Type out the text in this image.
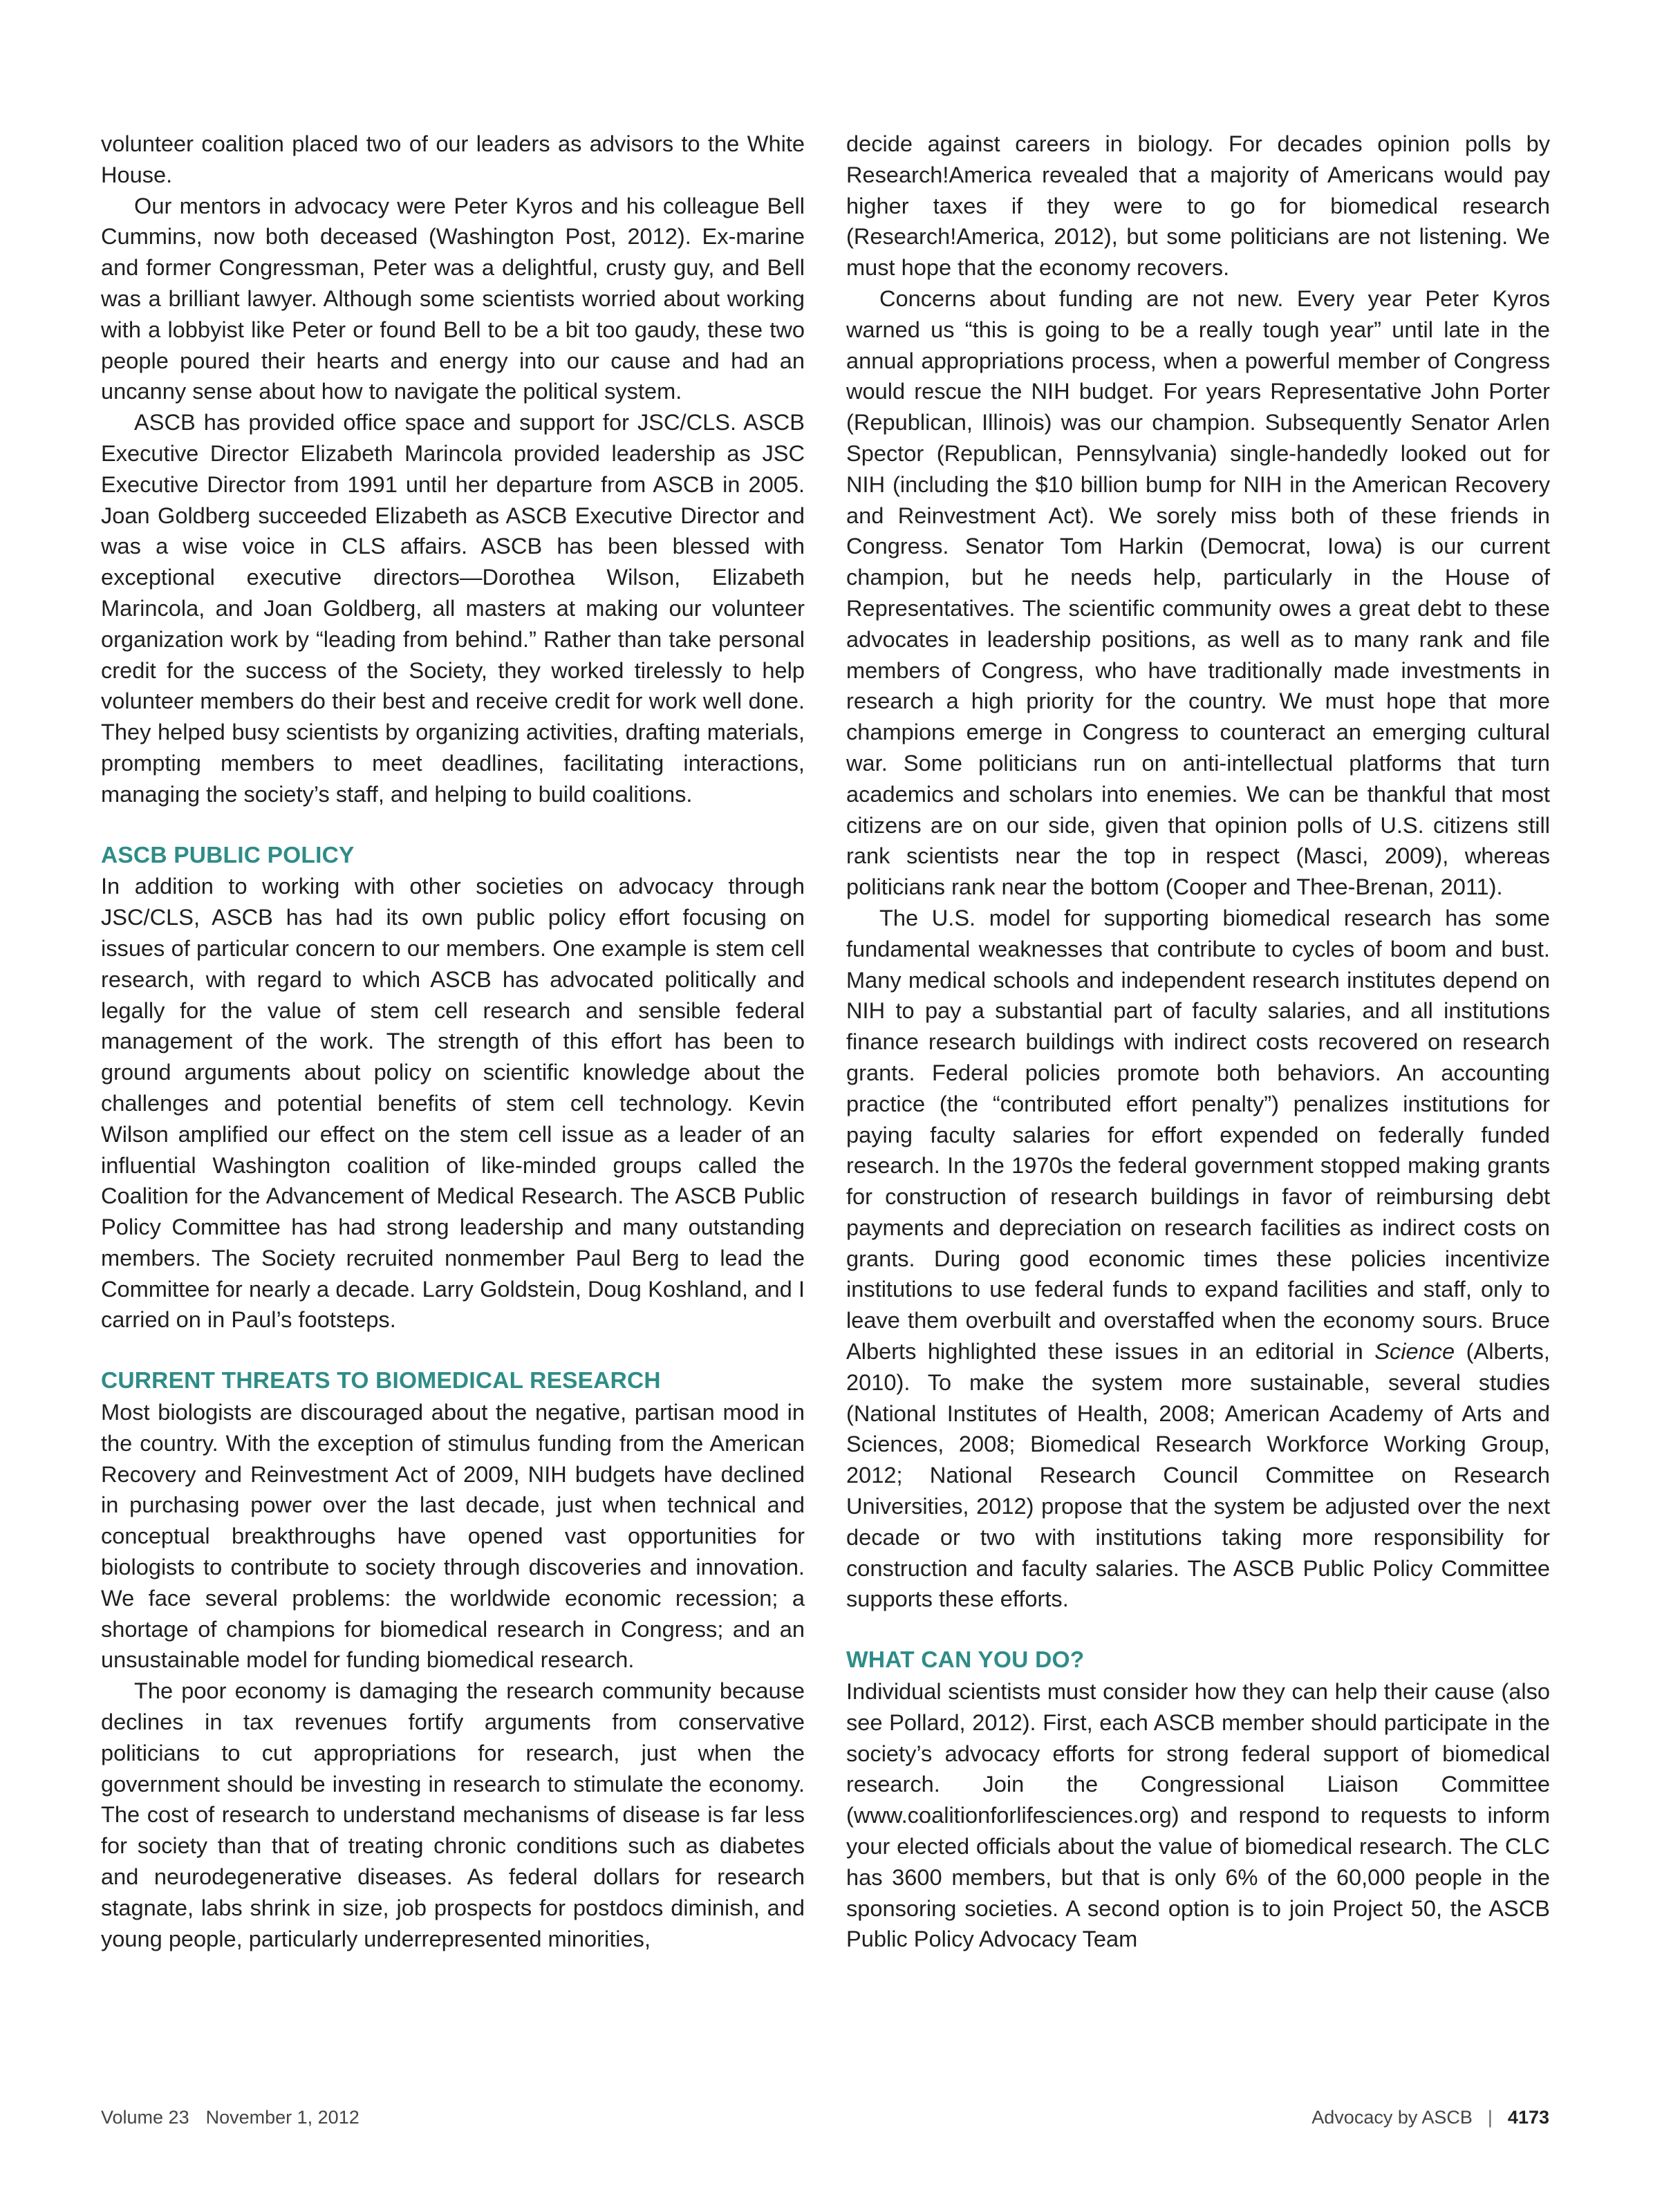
volunteer coalition placed two of our leaders as advisors to the White House.

Our mentors in advocacy were Peter Kyros and his colleague Bell Cummins, now both deceased (Washington Post, 2012). Ex-marine and former Congressman, Peter was a delightful, crusty guy, and Bell was a brilliant lawyer. Although some scientists worried about working with a lobbyist like Peter or found Bell to be a bit too gaudy, these two people poured their hearts and energy into our cause and had an uncanny sense about how to navigate the political system.

ASCB has provided office space and support for JSC/CLS. ASCB Executive Director Elizabeth Marincola provided leadership as JSC Executive Director from 1991 until her departure from ASCB in 2005. Joan Goldberg succeeded Elizabeth as ASCB Executive Director and was a wise voice in CLS affairs. ASCB has been blessed with exceptional executive directors—Dorothea Wilson, Elizabeth Marincola, and Joan Goldberg, all masters at making our volunteer organization work by “leading from behind.” Rather than take personal credit for the success of the Society, they worked tirelessly to help volunteer members do their best and receive credit for work well done. They helped busy scientists by organizing activities, drafting materials, prompting members to meet deadlines, facilitating interactions, managing the society’s staff, and helping to build coalitions.

ASCB PUBLIC POLICY

In addition to working with other societies on advocacy through JSC/CLS, ASCB has had its own public policy effort focusing on issues of particular concern to our members. One example is stem cell research, with regard to which ASCB has advocated politically and legally for the value of stem cell research and sensible federal management of the work. The strength of this effort has been to ground arguments about policy on scientific knowledge about the challenges and potential benefits of stem cell technology. Kevin Wilson amplified our effect on the stem cell issue as a leader of an influential Washington coalition of like-minded groups called the Coalition for the Advancement of Medical Research. The ASCB Public Policy Committee has had strong leadership and many outstanding members. The Society recruited nonmember Paul Berg to lead the Committee for nearly a decade. Larry Goldstein, Doug Koshland, and I carried on in Paul’s footsteps.

CURRENT THREATS TO BIOMEDICAL RESEARCH

Most biologists are discouraged about the negative, partisan mood in the country. With the exception of stimulus funding from the American Recovery and Reinvestment Act of 2009, NIH budgets have declined in purchasing power over the last decade, just when technical and conceptual breakthroughs have opened vast opportunities for biologists to contribute to society through discoveries and innovation. We face several problems: the worldwide economic recession; a shortage of champions for biomedical research in Congress; and an unsustainable model for funding biomedical research.

The poor economy is damaging the research community because declines in tax revenues fortify arguments from conservative politicians to cut appropriations for research, just when the government should be investing in research to stimulate the economy. The cost of research to understand mechanisms of disease is far less for society than that of treating chronic conditions such as diabetes and neurodegenerative diseases. As federal dollars for research stagnate, labs shrink in size, job prospects for postdocs diminish, and young people, particularly underrepresented minorities,

decide against careers in biology. For decades opinion polls by Research!America revealed that a majority of Americans would pay higher taxes if they were to go for biomedical research (Research!America, 2012), but some politicians are not listening. We must hope that the economy recovers.

Concerns about funding are not new. Every year Peter Kyros warned us “this is going to be a really tough year” until late in the annual appropriations process, when a powerful member of Congress would rescue the NIH budget. For years Representative John Porter (Republican, Illinois) was our champion. Subsequently Senator Arlen Spector (Republican, Pennsylvania) single-handedly looked out for NIH (including the $10 billion bump for NIH in the American Recovery and Reinvestment Act). We sorely miss both of these friends in Congress. Senator Tom Harkin (Democrat, Iowa) is our current champion, but he needs help, particularly in the House of Representatives. The scientific community owes a great debt to these advocates in leadership positions, as well as to many rank and file members of Congress, who have traditionally made investments in research a high priority for the country. We must hope that more champions emerge in Congress to counteract an emerging cultural war. Some politicians run on anti-intellectual platforms that turn academics and scholars into enemies. We can be thankful that most citizens are on our side, given that opinion polls of U.S. citizens still rank scientists near the top in respect (Masci, 2009), whereas politicians rank near the bottom (Cooper and Thee-Brenan, 2011).

The U.S. model for supporting biomedical research has some fundamental weaknesses that contribute to cycles of boom and bust. Many medical schools and independent research institutes depend on NIH to pay a substantial part of faculty salaries, and all institutions finance research buildings with indirect costs recovered on research grants. Federal policies promote both behaviors. An accounting practice (the “contributed effort penalty”) penalizes institutions for paying faculty salaries for effort expended on federally funded research. In the 1970s the federal government stopped making grants for construction of research buildings in favor of reimbursing debt payments and depreciation on research facilities as indirect costs on grants. During good economic times these policies incentivize institutions to use federal funds to expand facilities and staff, only to leave them overbuilt and overstaffed when the economy sours. Bruce Alberts highlighted these issues in an editorial in Science (Alberts, 2010). To make the system more sustainable, several studies (National Institutes of Health, 2008; American Academy of Arts and Sciences, 2008; Biomedical Research Workforce Working Group, 2012; National Research Council Committee on Research Universities, 2012) propose that the system be adjusted over the next decade or two with institutions taking more responsibility for construction and faculty salaries. The ASCB Public Policy Committee supports these efforts.

WHAT CAN YOU DO?

Individual scientists must consider how they can help their cause (also see Pollard, 2012). First, each ASCB member should participate in the society’s advocacy efforts for strong federal support of biomedical research. Join the Congressional Liaison Committee (www.coalitionforlifesciences.org) and respond to requests to inform your elected officials about the value of biomedical research. The CLC has 3600 members, but that is only 6% of the 60,000 people in the sponsoring societies. A second option is to join Project 50, the ASCB Public Policy Advocacy Team

Volume 23 November 1, 2012	Advocacy by ASCB | 4173
